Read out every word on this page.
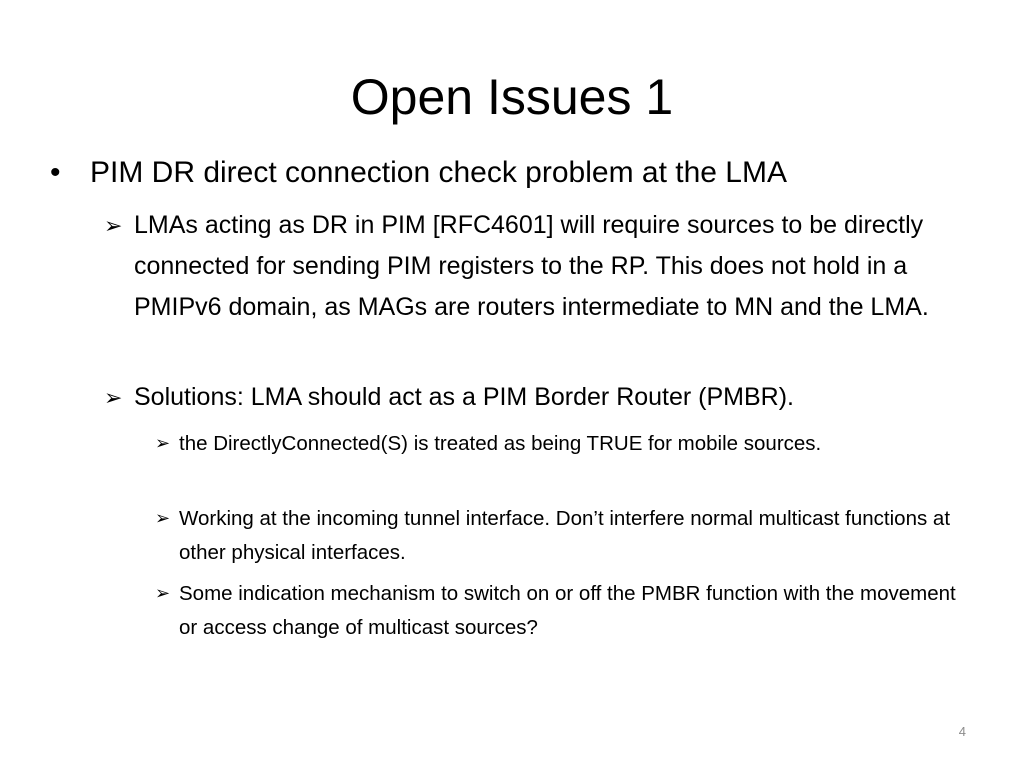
Open Issues 1
• PIM DR direct connection check problem at the LMA
➢ LMAs acting as DR in PIM [RFC4601] will require sources to be directly connected for sending PIM registers to the RP. This does not hold in a PMIPv6 domain, as MAGs are routers intermediate to MN and the LMA.
➢ Solutions: LMA should act as a PIM Border Router (PMBR).
➢ the DirectlyConnected(S) is treated as being TRUE for mobile sources.
➢ Working at the incoming tunnel interface. Don’t interfere normal multicast functions at other physical interfaces.
➢ Some indication mechanism to switch on or off the PMBR function with the movement or access change of multicast sources?
4
